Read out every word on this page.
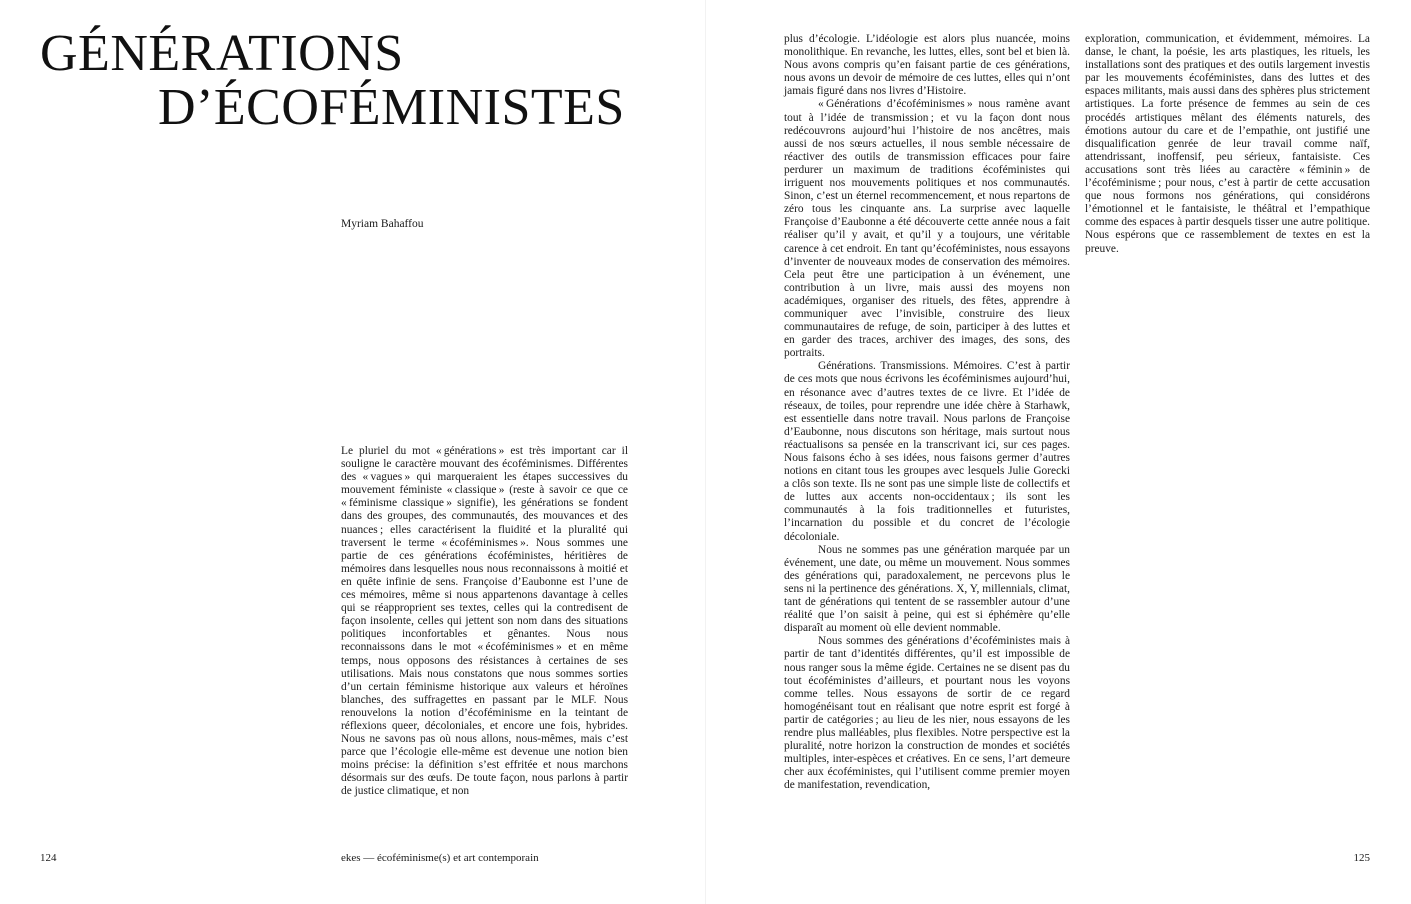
GÉNÉRATIONS
D’ÉCOFÉMINISTES

Myriam Bahaffou

Le pluriel du mot « générations » est très important car il souligne le caractère mouvant des écoféminismes. Différentes des « vagues » qui marqueraient les étapes successives du mouvement féministe « classique » (reste à savoir ce que ce « féminisme classique » signifie), les générations se fondent dans des groupes, des communautés, des mouvances et des nuances ; elles caractérisent la fluidité et la pluralité qui traversent le terme « écoféminismes ». Nous sommes une partie de ces générations écoféministes, héritières de mémoires dans lesquelles nous nous reconnaissons à moitié et en quête infinie de sens. Françoise d’Eaubonne est l’une de ces mémoires, même si nous appartenons davantage à celles qui se réapproprient ses textes, celles qui la contredisent de façon insolente, celles qui jettent son nom dans des situations politiques inconfortables et gênantes. Nous nous reconnaissons dans le mot « écoféminismes » et en même temps, nous opposons des résistances à certaines de ses utilisations. Mais nous constatons que nous sommes sorties d’un certain féminisme historique aux valeurs et héroïnes blanches, des suffragettes en passant par le MLF. Nous renouvelons la notion d’écoféminisme en la teintant de réflexions queer, décoloniales, et encore une fois, hybrides. Nous ne savons pas où nous allons, nous-mêmes, mais c’est parce que l’écologie elle-même est devenue une notion bien moins précise: la définition s’est effritée et nous marchons désormais sur des œufs. De toute façon, nous parlons à partir de justice climatique, et non

plus d’écologie. L’idéologie est alors plus nuancée, moins monolithique. En revanche, les luttes, elles, sont bel et bien là. Nous avons compris qu’en faisant partie de ces générations, nous avons un devoir de mémoire de ces luttes, elles qui n’ont jamais figuré dans nos livres d’Histoire.

« Générations d’écoféminismes » nous ramène avant tout à l’idée de transmission ; et vu la façon dont nous redécouvrons aujourd’hui l’histoire de nos ancêtres, mais aussi de nos sœurs actuelles, il nous semble nécessaire de réactiver des outils de transmission efficaces pour faire perdurer un maximum de traditions écoféministes qui irriguent nos mouvements politiques et nos communautés. Sinon, c’est un éternel recommencement, et nous repartons de zéro tous les cinquante ans. La surprise avec laquelle Françoise d’Eaubonne a été découverte cette année nous a fait réaliser qu’il y avait, et qu’il y a toujours, une véritable carence à cet endroit. En tant qu’écoféministes, nous essayons d’inventer de nouveaux modes de conservation des mémoires. Cela peut être une participation à un événement, une contribution à un livre, mais aussi des moyens non académiques, organiser des rituels, des fêtes, apprendre à communiquer avec l’invisible, construire des lieux communautaires de refuge, de soin, participer à des luttes et en garder des traces, archiver des images, des sons, des portraits.

Générations. Transmissions. Mémoires. C’est à partir de ces mots que nous écrivons les écoféminismes aujourd’hui, en résonance avec d’autres textes de ce livre. Et l’idée de réseaux, de toiles, pour reprendre une idée chère à Starhawk, est essentielle dans notre travail. Nous parlons de Françoise d’Eaubonne, nous discutons son héritage, mais surtout nous réactualisons sa pensée en la transcrivant ici, sur ces pages. Nous faisons écho à ses idées, nous faisons germer d’autres notions en citant tous les groupes avec lesquels Julie Gorecki a clôs son texte. Ils ne sont pas une simple liste de collectifs et de luttes aux accents non-occidentaux ; ils sont les communautés à la fois traditionnelles et futuristes, l’incarnation du possible et du concret de l’écologie décoloniale.

Nous ne sommes pas une génération marquée par un événement, une date, ou même un mouvement. Nous sommes des générations qui, paradoxalement, ne percevons plus le sens ni la pertinence des générations. X, Y, millennials, climat, tant de générations qui tentent de se rassembler autour d’une réalité que l’on saisit à peine, qui est si éphémère qu’elle disparaît au moment où elle devient nommable.

Nous sommes des générations d’écoféministes mais à partir de tant d’identités différentes, qu’il est impossible de nous ranger sous la même égide. Certaines ne se disent pas du tout écoféministes d’ailleurs, et pourtant nous les voyons comme telles. Nous essayons de sortir de ce regard homogénéisant tout en réalisant que notre esprit est forgé à partir de catégories ; au lieu de les nier, nous essayons de les rendre plus malléables, plus flexibles. Notre perspective est la pluralité, notre horizon la construction de mondes et sociétés multiples, inter-espèces et créatives. En ce sens, l’art demeure cher aux écoféministes, qui l’utilisent comme premier moyen de manifestation, revendication,

exploration, communication, et évidemment, mémoires. La danse, le chant, la poésie, les arts plastiques, les rituels, les installations sont des pratiques et des outils largement investis par les mouvements écoféministes, dans des luttes et des espaces militants, mais aussi dans des sphères plus strictement artistiques. La forte présence de femmes au sein de ces procédés artistiques mêlant des éléments naturels, des émotions autour du care et de l’empathie, ont justifié une disqualification genrée de leur travail comme naïf, attendrissant, inoffensif, peu sérieux, fantaisiste. Ces accusations sont très liées au caractère « féminin » de l’écoféminisme ; pour nous, c’est à partir de cette accusation que nous formons nos générations, qui considérons l’émotionnel et le fantaisiste, le théâtral et l’empathique comme des espaces à partir desquels tisser une autre politique. Nous espérons que ce rassemblement de textes en est la preuve.

124	ekes — écoféminisme(s) et art contemporain	125
